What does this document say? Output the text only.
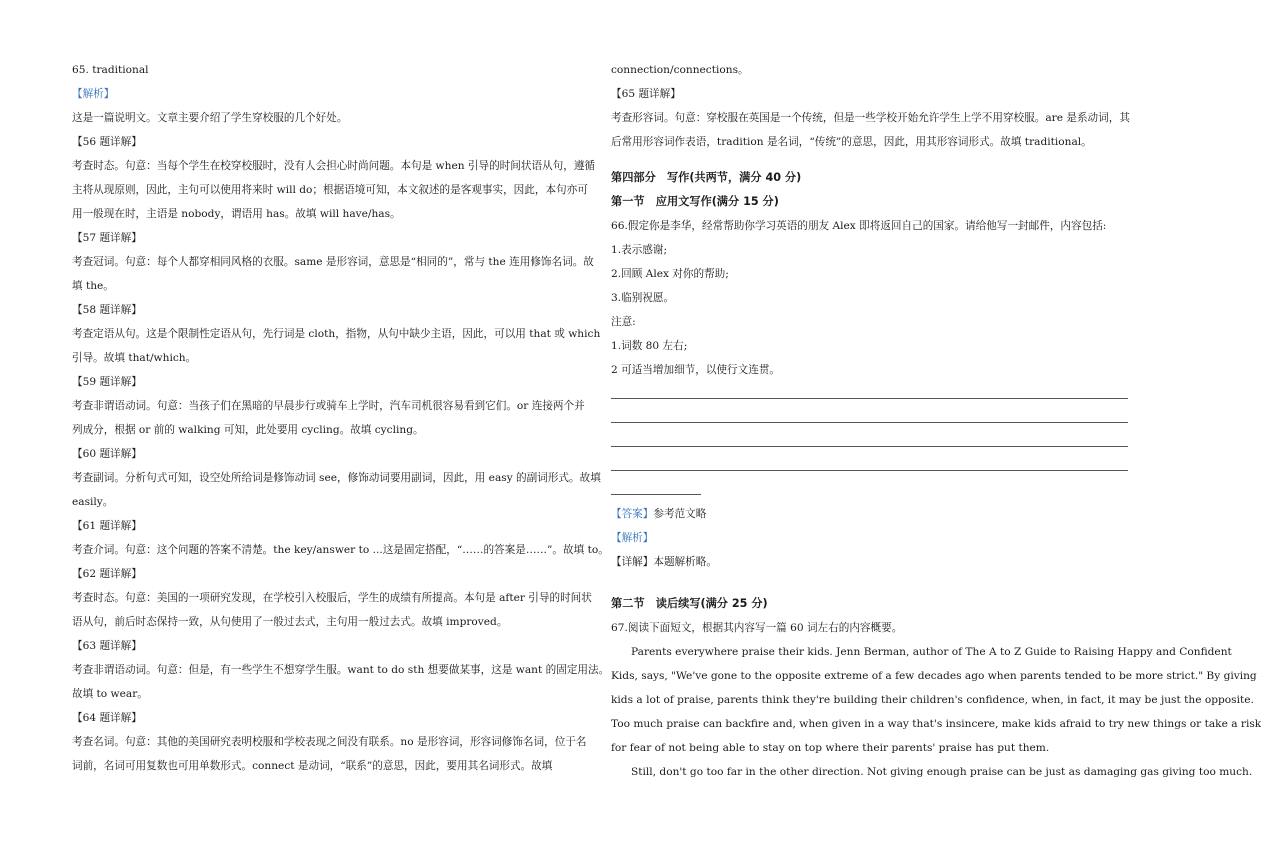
65. traditional
【解析】
这是一篇说明文。文章主要介绍了学生穿校服的几个好处。
【56 题详解】
考查时态。句意：当每个学生在校穿校服时，没有人会担心时尚问题。本句是 when 引导的时间状语从句，遵循
主将从现原则，因此，主句可以使用将来时 will do；根据语境可知，本文叙述的是客观事实，因此，本句亦可
用一般现在时，主语是 nobody，谓语用 has。故填 will have/has。
【57 题详解】
考查冠词。句意：每个人都穿相同风格的衣服。same 是形容词，意思是“相同的”，常与 the 连用修饰名词。故
填 the。
【58 题详解】
考查定语从句。这是个限制性定语从句，先行词是 cloth，指物，从句中缺少主语，因此，可以用 that 或 which
引导。故填 that/which。
【59 题详解】
考查非谓语动词。句意：当孩子们在黑暗的早晨步行或骑车上学时，汽车司机很容易看到它们。or 连接两个并
列成分，根据 or 前的 walking 可知，此处要用 cycling。故填 cycling。
【60 题详解】
考查副词。分析句式可知，设空处所给词是修饰动词 see，修饰动词要用副词，因此，用 easy 的副词形式。故填
easily。
【61 题详解】
考查介词。句意：这个问题的答案不清楚。the key/answer to ...这是固定搭配，“……的答案是……”。故填 to。
【62 题详解】
考查时态。句意：美国的一项研究发现，在学校引入校服后，学生的成绩有所提高。本句是 after 引导的时间状
语从句，前后时态保持一致，从句使用了一般过去式，主句用一般过去式。故填 improved。
【63 题详解】
考查非谓语动词。句意：但是，有一些学生不想穿学生服。want to do sth 想要做某事，这是 want 的固定用法。
故填 to wear。
【64 题详解】
考查名词。句意：其他的美国研究表明校服和学校表现之间没有联系。no 是形容词，形容词修饰名词，位于名
词前，名词可用复数也可用单数形式。connect 是动词，“联系”的意思，因此，要用其名词形式。故填
connection/connections。
【65 题详解】
考查形容词。句意：穿校服在英国是一个传统，但是一些学校开始允许学生上学不用穿校服。are 是系动词，其
后常用形容词作表语，tradition 是名词，“传统”的意思，因此，用其形容词形式。故填 traditional。
第四部分　写作(共两节，满分 40 分)
第一节　应用文写作(满分 15 分)
66.假定你是李华，经常帮助你学习英语的朋友 Alex 即将返回自己的国家。请给他写一封邮件，内容包括:
1.表示感谢;
2.回顾 Alex 对你的帮助;
3.临别祝愿。
注意:
1.词数 80 左右;
2 可适当增加细节，以使行文连贯。
【答案】参考范文略
【解析】
【详解】本题解析略。
第二节　读后续写(满分 25 分)
67.阅读下面短文，根据其内容写一篇 60 词左右的内容概要。
Parents everywhere praise their kids. Jenn Berman, author of The A to Z Guide to Raising Happy and Confident
Kids, says, "We've gone to the opposite extreme of a few decades ago when parents tended to be more strict." By giving
kids a lot of praise, parents think they're building their children's confidence, when, in fact, it may be just the opposite.
Too much praise can backfire and, when given in a way that's insincere, make kids afraid to try new things or take a risk
for fear of not being able to stay on top where their parents' praise has put them.
Still, don't go too far in the other direction. Not giving enough praise can be just as damaging gas giving too much.
